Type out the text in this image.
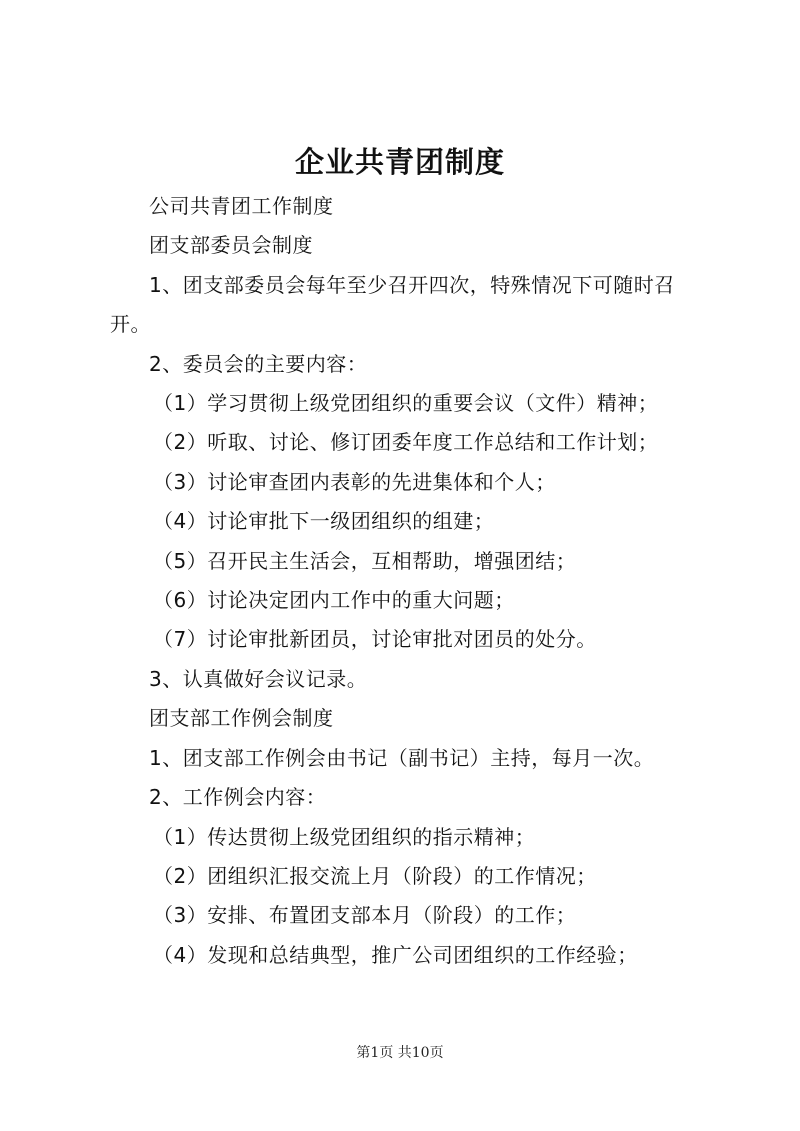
企业共青团制度

公司共青团工作制度

团支部委员会制度

1、团支部委员会每年至少召开四次，特殊情况下可随时召开。

2、委员会的主要内容：

（1）学习贯彻上级党团组织的重要会议（文件）精神；

（2）听取、讨论、修订团委年度工作总结和工作计划；

（3）讨论审查团内表彰的先进集体和个人；

（4）讨论审批下一级团组织的组建；

（5）召开民主生活会，互相帮助，增强团结；

（6）讨论决定团内工作中的重大问题；

（7）讨论审批新团员，讨论审批对团员的处分。

3、认真做好会议记录。

团支部工作例会制度

1、团支部工作例会由书记（副书记）主持，每月一次。

2、工作例会内容：

（1）传达贯彻上级党团组织的指示精神；

（2）团组织汇报交流上月（阶段）的工作情况；

（3）安排、布置团支部本月（阶段）的工作；

（4）发现和总结典型，推广公司团组织的工作经验；

第1页 共10页
